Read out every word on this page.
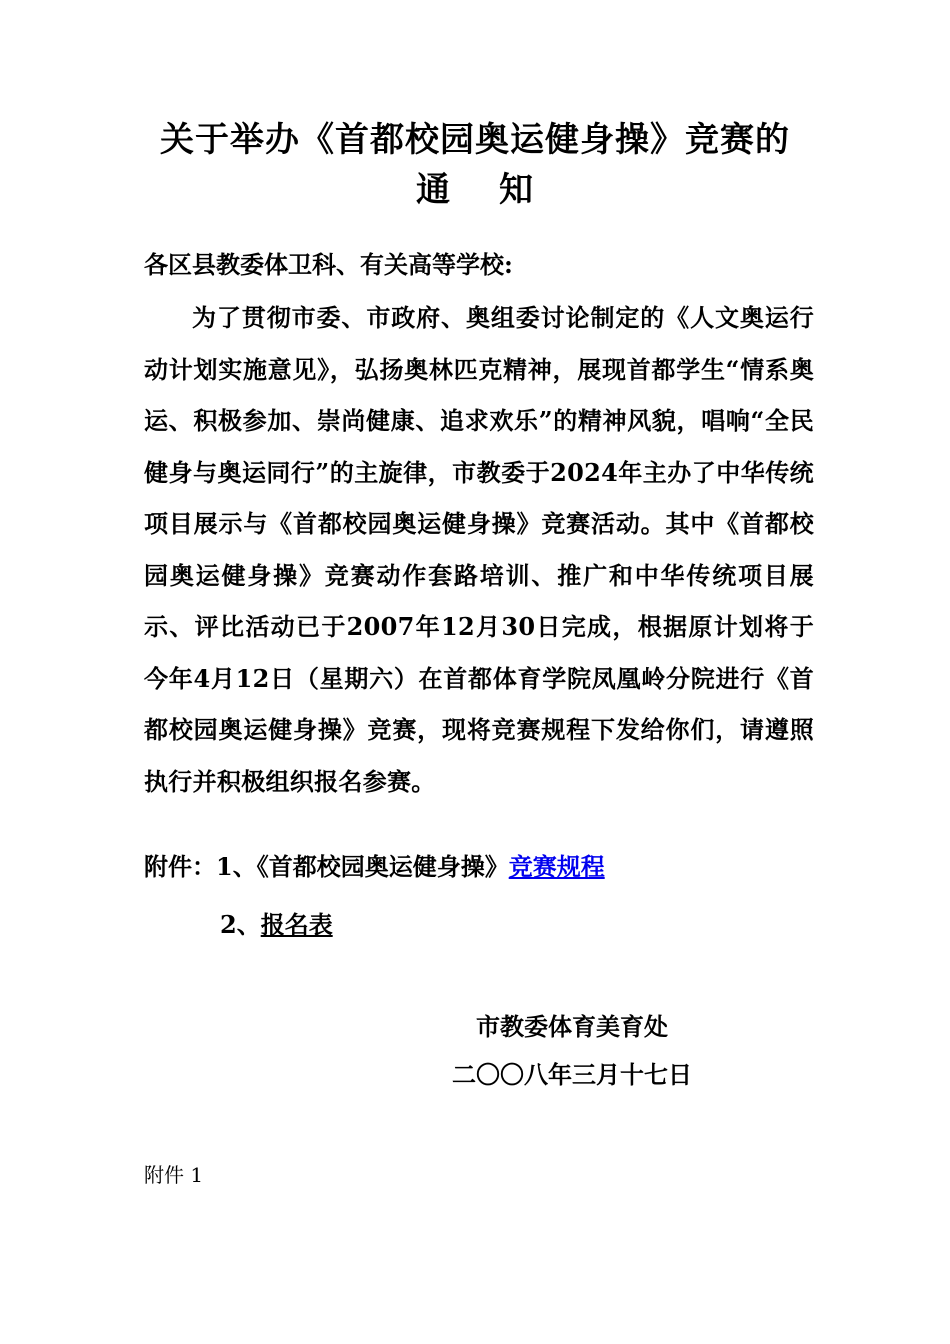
关于举办《首都校园奥运健身操》竞赛的
通 知
各区县教委体卫科、有关高等学校:
为了贯彻市委、市政府、奥组委讨论制定的《人文奥运行动计划实施意见》，弘扬奥林匹克精神，展现首都学生“情系奥运、积极参加、崇尚健康、追求欢乐”的精神风貌，唱响“全民健身与奥运同行”的主旋律，市教委于2024年主办了中华传统项目展示与《首都校园奥运健身操》竞赛活动。其中《首都校园奥运健身操》竞赛动作套路培训、推广和中华传统项目展示、评比活动已于2007年12月30日完成，根据原计划将于今年4月12日（星期六）在首都体育学院凤凰岭分院进行《首都校园奥运健身操》竞赛，现将竞赛规程下发给你们，请遵照执行并积极组织报名参赛。
附件：1、《首都校园奥运健身操》竞赛规程
2、报名表
市教委体育美育处
二〇〇八年三月十七日
附件 1
